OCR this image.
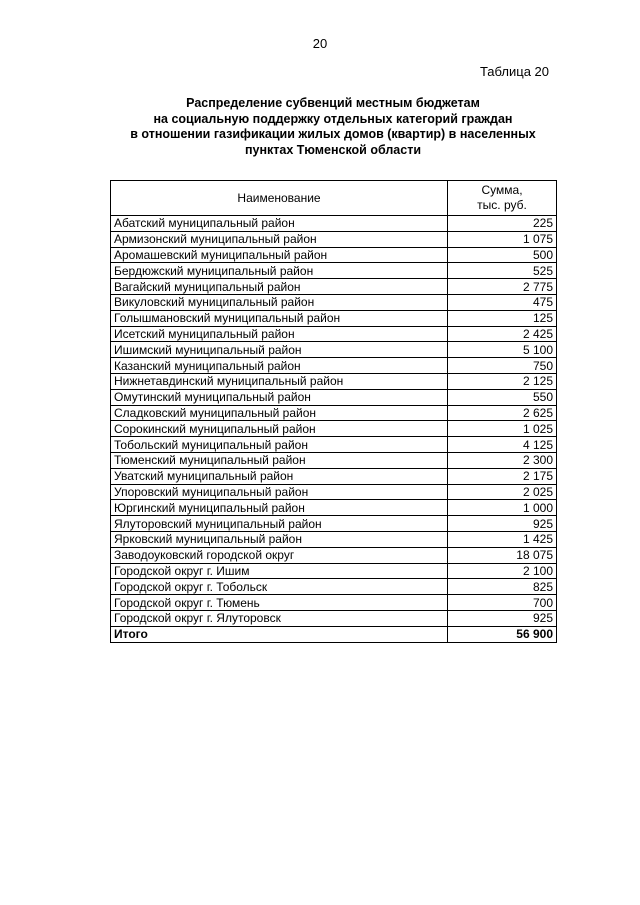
20
Таблица 20
Распределение субвенций местным бюджетам
на социальную поддержку отдельных категорий граждан
в отношении газификации жилых домов (квартир) в населенных
пунктах Тюменской области
Наименование	Сумма,
тыс. руб.

Абатский муниципальный район	225
Армизонский муниципальный район	1 075
Аромашевский муниципальный район	500
Бердюжский муниципальный район	525
Вагайский муниципальный район	2 775
Викуловский муниципальный район	475
Голышмановский муниципальный район	125
Исетский муниципальный район	2 425
Ишимский муниципальный район	5 100
Казанский муниципальный район	750
Нижнетавдинский муниципальный район	2 125
Омутинский муниципальный район	550
Сладковский муниципальный район	2 625
Сорокинский муниципальный район	1 025
Тобольский муниципальный район	4 125
Тюменский муниципальный район	2 300
Уватский муниципальный район	2 175
Упоровский муниципальный район	2 025
Юргинский муниципальный район	1 000
Ялуторовский муниципальный район	925
Ярковский муниципальный район	1 425
Заводоуковский городской округ	18 075
Городской округ г. Ишим	2 100
Городской округ г. Тобольск	825
Городской округ г. Тюмень	700
Городской округ г. Ялуторовск	925
Итого	56 900
